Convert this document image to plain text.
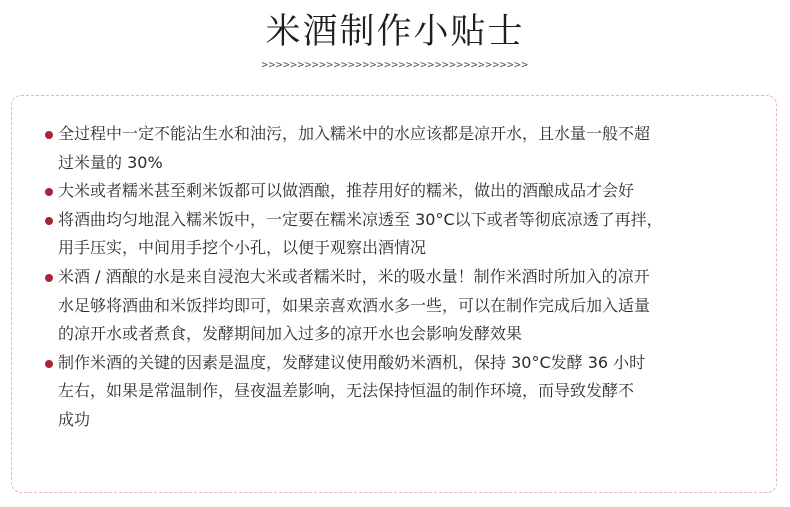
米酒制作小贴士
>>>>>>>>>>>>>>>>>>>>>>>>>>>>>>>>>>>>>
全过程中一定不能沾生水和油污，加入糯米中的水应该都是凉开水，且水量一般不超
过米量的 30%
大米或者糯米甚至剩米饭都可以做酒酿，推荐用好的糯米，做出的酒酿成品才会好
将酒曲均匀地混入糯米饭中，一定要在糯米凉透至 30°C以下或者等彻底凉透了再拌，
用手压实，中间用手挖个小孔，以便于观察出酒情况
米酒 / 酒酿的水是来自浸泡大米或者糯米时，米的吸水量！制作米酒时所加入的凉开
水足够将酒曲和米饭拌均即可，如果亲喜欢酒水多一些，可以在制作完成后加入适量
的凉开水或者煮食，发酵期间加入过多的凉开水也会影响发酵效果
制作米酒的关键的因素是温度，发酵建议使用酸奶米酒机，保持 30°C发酵 36 小时
左右，如果是常温制作，昼夜温差影响，无法保持恒温的制作环境，而导致发酵不
成功
